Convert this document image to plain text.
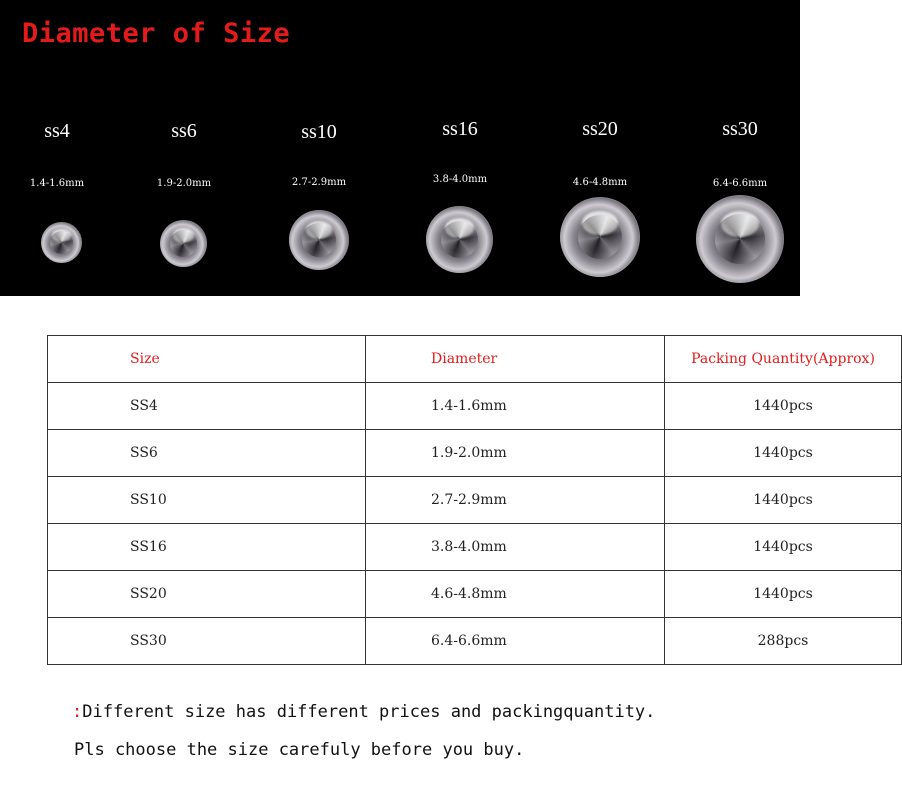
Diameter of Size
ss4
1.4-1.6mm
ss6
1.9-2.0mm
ss10
2.7-2.9mm
ss16
3.8-4.0mm
ss20
4.6-4.8mm
ss30
6.4-6.6mm
Size	Diameter	Packing Quantity(Approx)
SS4	1.4-1.6mm	1440pcs
SS6	1.9-2.0mm	1440pcs
SS10	2.7-2.9mm	1440pcs
SS16	3.8-4.0mm	1440pcs
SS20	4.6-4.8mm	1440pcs
SS30	6.4-6.6mm	288pcs
:Different size has different prices and packingquantity.
Pls choose the size carefuly before you buy.
